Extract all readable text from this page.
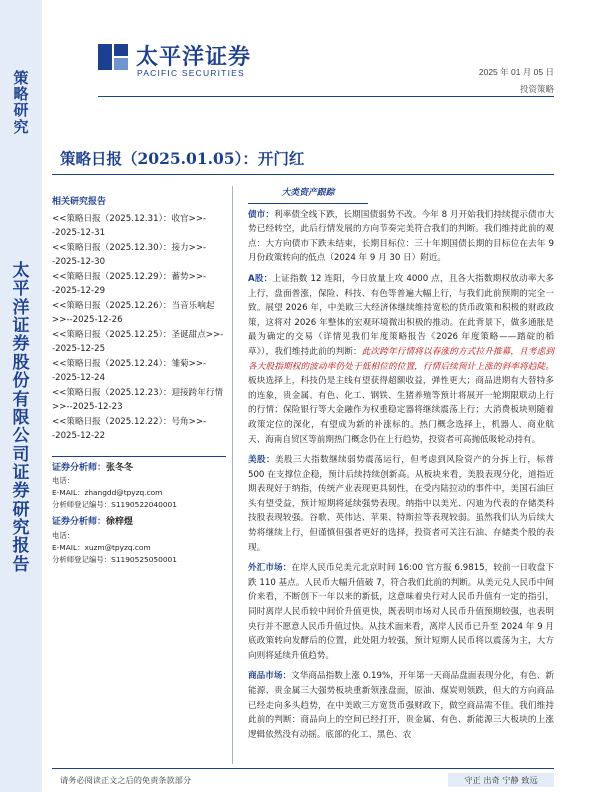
策
略
研
究
太
平
洋
证
券
股
份
有
限
公
司
证
券
研
究
报
告
太平洋证券
PACIFIC SECURITIES	2025 年 01 月 05 日
投资策略
策略日报（2025.01.05）：开门红
相关研究报告
<<策略日报（2025.12.31）：收官>>--2025-12-31
<<策略日报（2025.12.30）：接力>>--2025-12-30
<<策略日报（2025.12.29）：蓄势>>--2025-12-29
<<策略日报（2025.12.26）：当音乐响起>>--2025-12-26
<<策略日报（2025.12.25）：圣诞甜点>>--2025-12-25
<<策略日报（2025.12.24）：雏菊>>--2025-12-24
<<策略日报（2025.12.23）：迎接跨年行情>>--2025-12-23
<<策略日报（2025.12.22）：号角>>--2025-12-22
证券分析师：张冬冬
电话：
E-MAIL：zhangdd@tpyzq.com
分析师登记编号：S1190522040001
证券分析师：徐梓煜
电话：
E-MAIL：xuzm@tpyzq.com
分析师登记编号：S1190525050001
大类资产跟踪

债市：利率债全线下跌，长期国债弱势不改。今年 8 月开始我们持续提示债市大势已经转空，此后行情发展的方向节奏完美符合我们的判断。我们维持此前的观点：大方向债市下跌未结束，长期目标位：三十年期国债长期的目标位在去年 9 月份政策转向的低点（2024 年 9 月 30 日）附近。

A股：上证指数 12 连阳，今日放量上攻 4000 点，且各大指数期权放动率大多上行，盘面普涨，保险、科技、有色等普遍大幅上行，与我们此前预期的完全一致。展望 2026 年，中美欧三大经济体继续维持宽松的货币政策和积极的财政政策，这将对 2026 年整体的宏观环境微出积极的推动。在此背景下，做多通胀是最为确定的交易（详情见我们年度策略报告《2026 年度策略——踏碇的稻草》），我们维持此前的判断：此次跨年行情将以春涨的方式拉升推幕，且考虑到各大股指期权的波动率仍处于低相位的位置，行情后续预计上涨的斜率将趋陡。板块选择上，科技仍是主线有望获得超额收益，弹性更大；商品进期有大替特多的连象，贵金属、有色、化工、钢铁、生猪养殖等预计将展开一轮期限联动上行的行情；保险银行等大金融作为权重稳定器将继续震荡上行；大消费板块则随着政策定位的深化，有望成为新的补涨标的。热门概念选择上，机器人、商业航天、海南自贸区等前期热门概念仍在上行趋势，投资者可高抛低吸轮动持有。

美股：美股三大指数继续弱势震荡运行，但考虑到风险资产的分拆上行，标普 500 在支撑位企稳，预计后续持续创新高。从板块来看，美股表现分化，道指近期表现好于纳指，传统产业表现更具韧性，在受内陆拉动的事件中，美国石油巨头有望受益，预计短期将延续强势表现。纳指中以美光、闪迪为代表的存储类科技股表现较强。谷歌、英伟达、苹果、特斯拉等表现较弱。虽然我们认为后续大势将继续上行，但谨慎但强者更好的选择，投资者可关注石油、存储类个股的表现。

外汇市场：在岸人民币兑美元北京时间 16:00 官方报 6.9815，较前一日收盘下跌 110 基点。人民币大幅升值破 7，符合我们此前的判断。从美元兑人民币中间价来看，不断创下一年以来的新低，这意味着央行对人民币升值有一定的指引，同时离岸人民币较中间价升值更快，既表明市场对人民币升值预期较强，也表明央行并不愿意人民币升值过快。从技术面来看，离岸人民币已升至 2024 年 9 月底政策转向发酵后的位置，此处阻力较强，预计短期人民币将以震荡为主，大方向则将延续升值趋势。

商品市场：文华商品指数上涨 0.19%，开年第一天商品盘面表现分化，有色、新能源、贵金属三大强势板块重新领涨盘面，原油、煤炭则领跌，但大的方向商品已经走向多头趋势，在中美欧三方宽货币强财政下，做空商品需不佳。我们维持此前的判断：商品向上的空间已经打开，贵金属、有色、新能源三大板块的上涨逻辑依然没有动摇。底部的化工、黑色、农

请务必阅读正文之后的免责条款部分	守正 出奇 宁静 致远
